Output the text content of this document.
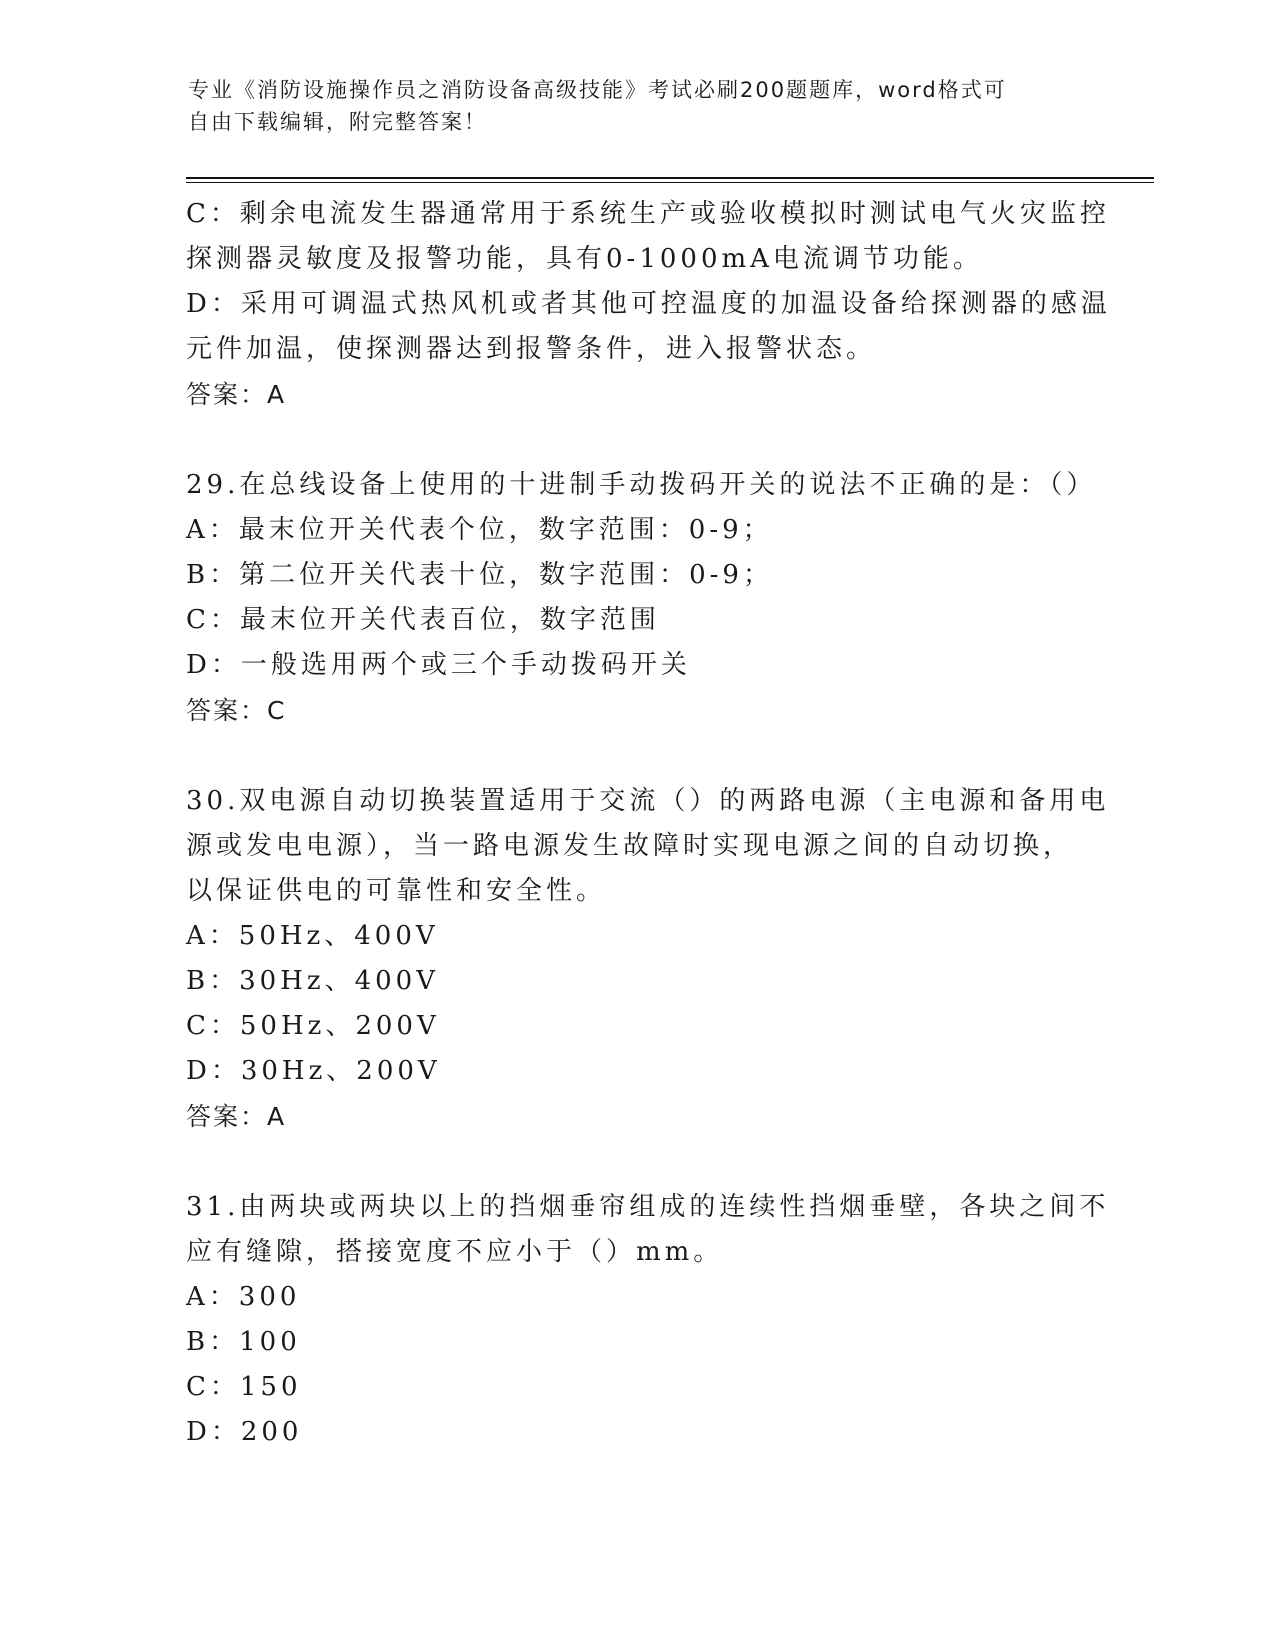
专业《消防设施操作员之消防设备高级技能》考试必刷200题题库，word格式可
自由下载编辑，附完整答案！
C：剩余电流发生器通常用于系统生产或验收模拟时测试电气火灾监控
探测器灵敏度及报警功能，具有0-1000mA电流调节功能。
D：采用可调温式热风机或者其他可控温度的加温设备给探测器的感温
元件加温，使探测器达到报警条件，进入报警状态。
答案：A
29.在总线设备上使用的十进制手动拨码开关的说法不正确的是：（）
A：最末位开关代表个位，数字范围：0-9；
B：第二位开关代表十位，数字范围：0-9；
C：最末位开关代表百位，数字范围
D：一般选用两个或三个手动拨码开关
答案：C
30.双电源自动切换装置适用于交流（）的两路电源（主电源和备用电
源或发电电源），当一路电源发生故障时实现电源之间的自动切换，
以保证供电的可靠性和安全性。
A：50Hz、400V
B：30Hz、400V
C：50Hz、200V
D：30Hz、200V
答案：A
31.由两块或两块以上的挡烟垂帘组成的连续性挡烟垂壁，各块之间不
应有缝隙，搭接宽度不应小于（）mm。
A：300
B：100
C：150
D：200
